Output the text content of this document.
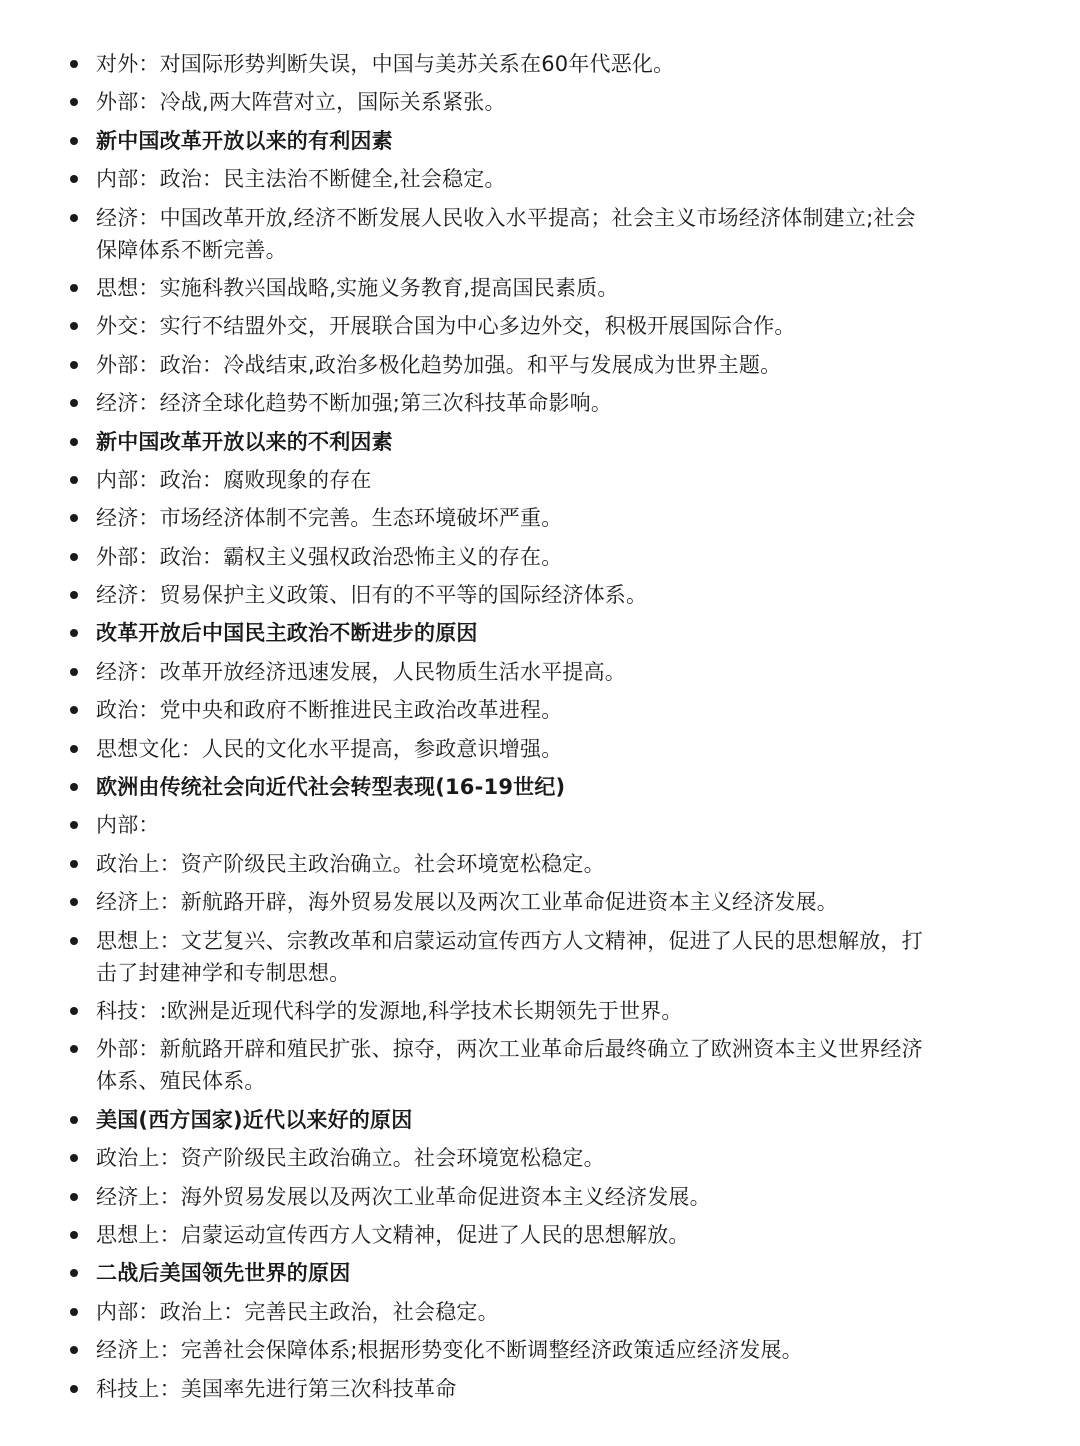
对外：对国际形势判断失误，中国与美苏关系在60年代恶化。
外部：冷战,两大阵营对立，国际关系紧张。
新中国改革开放以来的有利因素
内部：政治：民主法治不断健全,社会稳定。
经济：中国改革开放,经济不断发展人民收入水平提高；社会主义市场经济体制建立;社会保障体系不断完善。
思想：实施科教兴国战略,实施义务教育,提高国民素质。
外交：实行不结盟外交，开展联合国为中心多边外交，积极开展国际合作。
外部：政治：冷战结束,政治多极化趋势加强。和平与发展成为世界主题。
经济：经济全球化趋势不断加强;第三次科技革命影响。
新中国改革开放以来的不利因素
内部：政治：腐败现象的存在
经济：市场经济体制不完善。生态环境破坏严重。
外部：政治：霸权主义强权政治恐怖主义的存在。
经济：贸易保护主义政策、旧有的不平等的国际经济体系。
改革开放后中国民主政治不断进步的原因
经济：改革开放经济迅速发展，人民物质生活水平提高。
政治：党中央和政府不断推进民主政治改革进程。
思想文化：人民的文化水平提高，参政意识增强。
欧洲由传统社会向近代社会转型表现(16-19世纪)
内部：
政治上：资产阶级民主政治确立。社会环境宽松稳定。
经济上：新航路开辟，海外贸易发展以及两次工业革命促进资本主义经济发展。
思想上：文艺复兴、宗教改革和启蒙运动宣传西方人文精神，促进了人民的思想解放，打击了封建神学和专制思想。
科技：:欧洲是近现代科学的发源地,科学技术长期领先于世界。
外部：新航路开辟和殖民扩张、掠夺，两次工业革命后最终确立了欧洲资本主义世界经济体系、殖民体系。
美国(西方国家)近代以来好的原因
政治上：资产阶级民主政治确立。社会环境宽松稳定。
经济上：海外贸易发展以及两次工业革命促进资本主义经济发展。
思想上：启蒙运动宣传西方人文精神，促进了人民的思想解放。
二战后美国领先世界的原因
内部：政治上：完善民主政治，社会稳定。
经济上：完善社会保障体系;根据形势变化不断调整经济政策适应经济发展。
科技上：美国率先进行第三次科技革命
